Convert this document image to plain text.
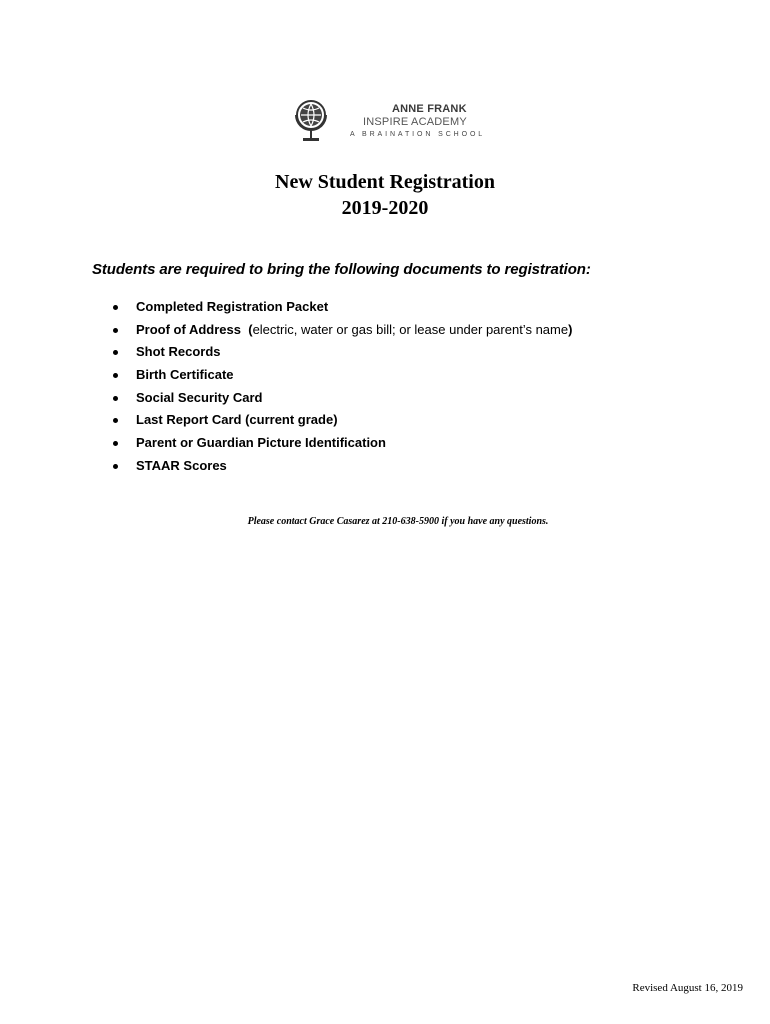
ANNE FRANK
INSPIRE ACADEMY
A BRAINATION SCHOOL
New Student Registration
2019-2020
Students are required to bring the following documents to registration:
Completed Registration Packet
Proof of Address (electric, water or gas bill; or lease under parent’s name)
Shot Records
Birth Certificate
Social Security Card
Last Report Card (current grade)
Parent or Guardian Picture Identification
STAAR Scores
Please contact Grace Casarez at 210-638-5900 if you have any questions.
Revised August 16, 2019
